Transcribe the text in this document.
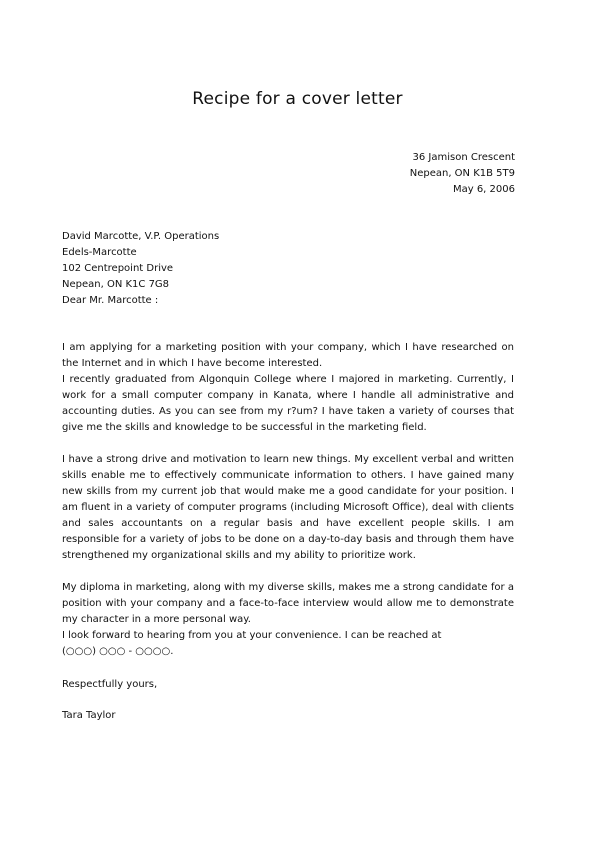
Recipe for a cover letter
36 Jamison Crescent
Nepean, ON K1B 5T9
May 6, 2006
David Marcotte, V.P. Operations
Edels-Marcotte
102 Centrepoint Drive
Nepean, ON K1C 7G8
Dear Mr. Marcotte :

I am applying for a marketing position with your company, which I have researched on the Internet and in which I have become interested.

I recently graduated from Algonquin College where I majored in marketing. Currently, I work for a small computer company in Kanata, where I handle all administrative and accounting duties. As you can see from my r?um? I have taken a variety of courses that give me the skills and knowledge to be successful in the marketing field.

I have a strong drive and motivation to learn new things. My excellent verbal and written skills enable me to effectively communicate information to others. I have gained many new skills from my current job that would make me a good candidate for your position. I am fluent in a variety of computer programs (including Microsoft Office), deal with clients and sales accountants on a regular basis and have excellent people skills. I am responsible for a variety of jobs to be done on a day-to-day basis and through them have strengthened my organizational skills and my ability to prioritize work.

My diploma in marketing, along with my diverse skills, makes me a strong candidate for a position with your company and a face-to-face interview would allow me to demonstrate my character in a more personal way.

I look forward to hearing from you at your convenience. I can be reached at

(○○○) ○○○ - ○○○○.

Respectfully yours,
Tara Taylor
